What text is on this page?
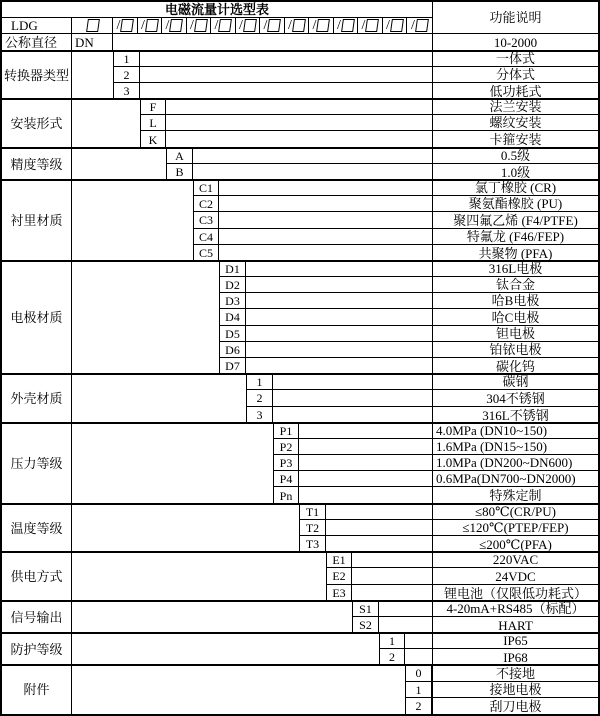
电磁流量计选型表
功能说明
LDG	/ / / / / / / / / / / / /
公称直径	DN	10-2000
转换器类型
1	一体式
2	分体式
3	低功耗式
安装形式
F	法兰安装
L	螺纹安装
K	卡箍安装
精度等级
A	0.5级
B	1.0级
衬里材质
C1	氯丁橡胶 (CR)
C2	聚氨酯橡胶 (PU)
C3	聚四氟乙烯 (F4/PTFE)
C4	特氟龙 (F46/FEP)
C5	共聚物 (PFA)
电极材质
D1	316L电极
D2	钛合金
D3	哈B电极
D4	哈C电极
D5	钽电极
D6	铂铱电极
D7	碳化钨
外壳材质
1	碳钢
2	304不锈钢
3	316L不锈钢
压力等级
P1	4.0MPa (DN10~150)
P2	1.6MPa (DN15~150)
P3	1.0MPa (DN200~DN600)
P4	0.6MPa(DN700~DN2000)
Pn	特殊定制
温度等级
T1	≤80℃(CR/PU)
T2	≤120℃(PTEP/FEP)
T3	≤200℃(PFA)
供电方式
E1	220VAC
E2	24VDC
E3	锂电池（仅限低功耗式）
信号输出
S1	4-20mA+RS485（标配）
S2	HART
防护等级
1	IP65
2	IP68
附件
0	不接地
1	接地电极
2	刮刀电极
